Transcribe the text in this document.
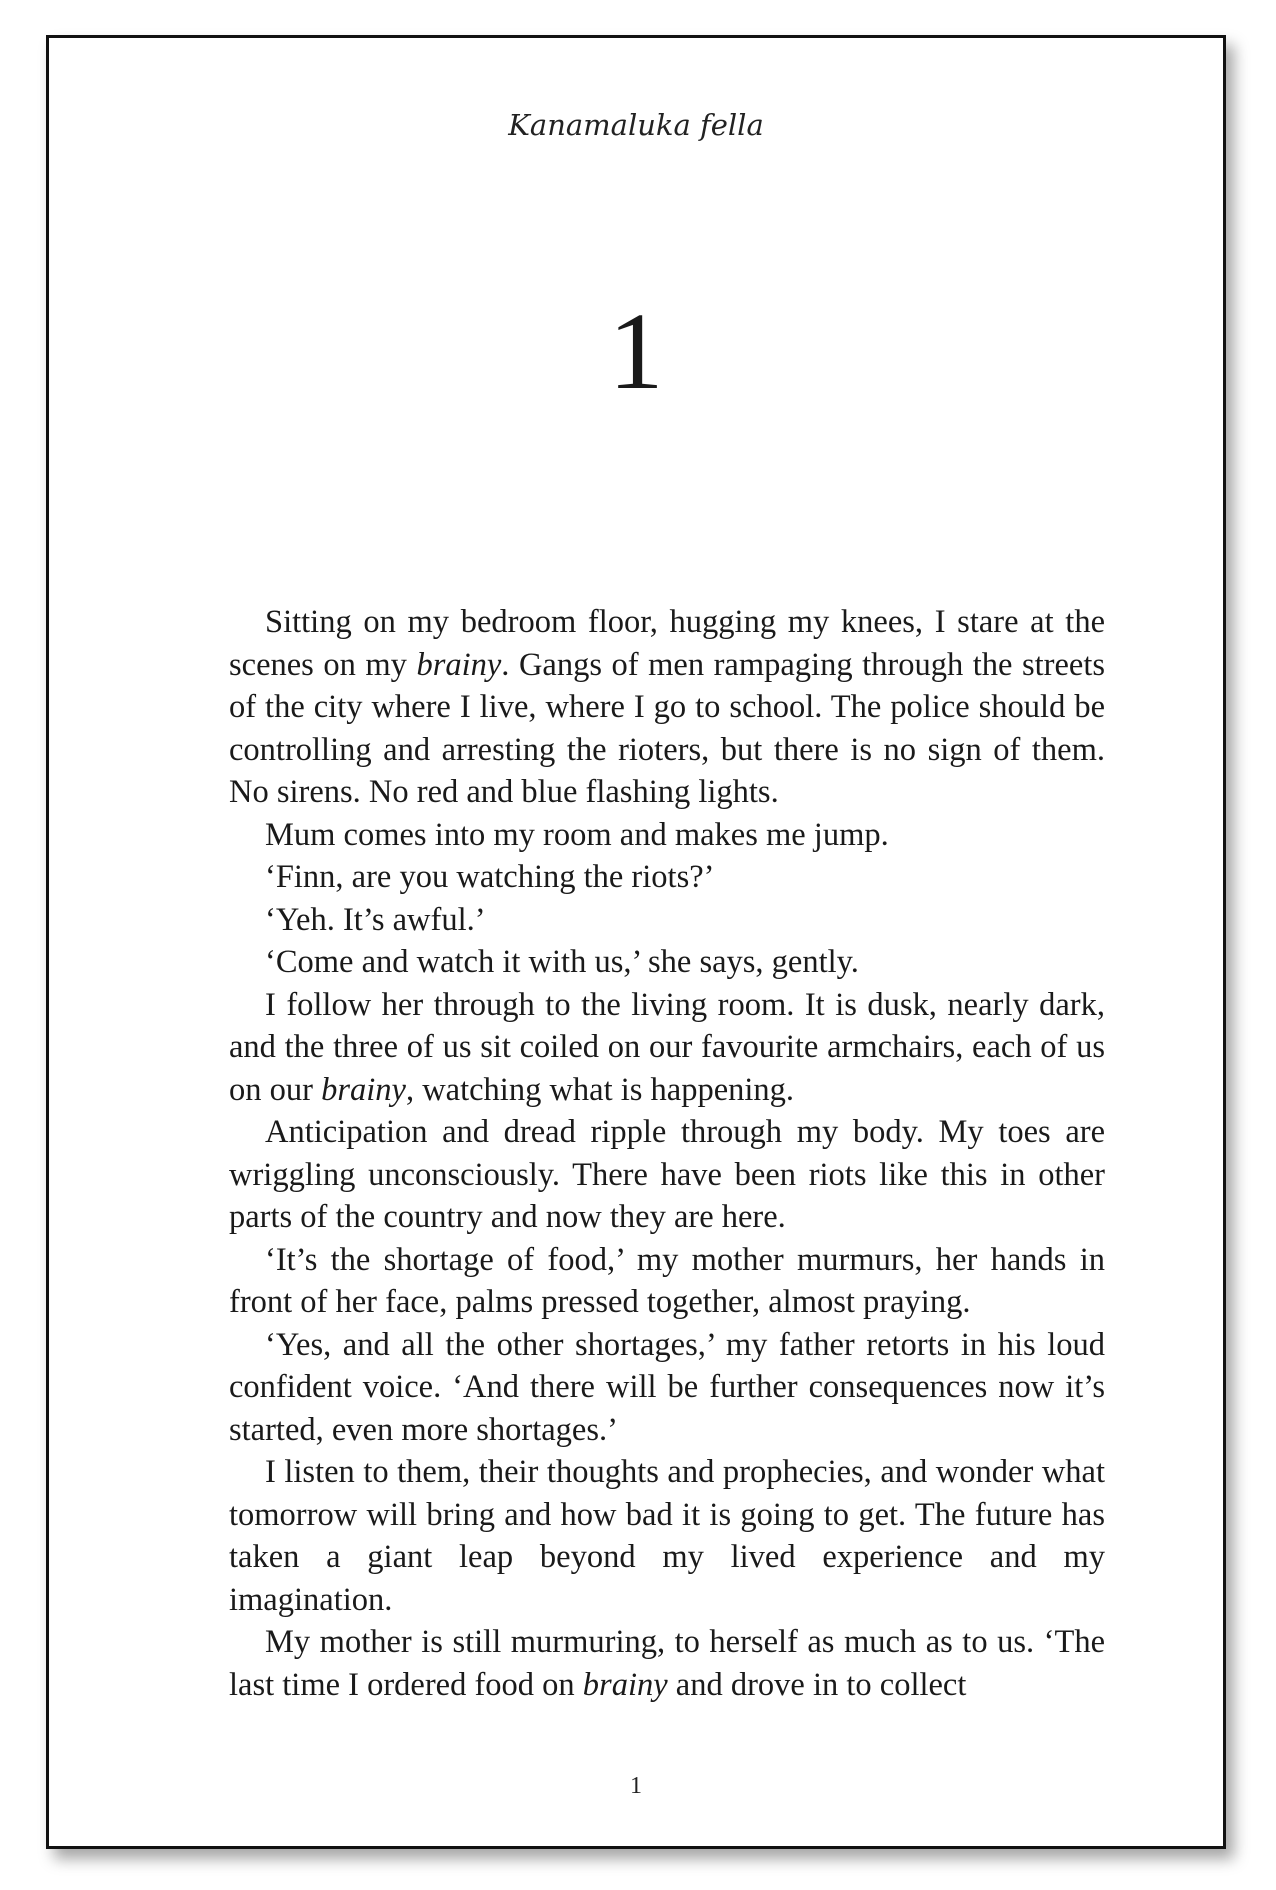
Kanamaluka fella

1

Sitting on my bedroom floor, hugging my knees, I stare at the scenes on my brainy. Gangs of men rampaging through the streets of the city where I live, where I go to school. The police should be controlling and arresting the rioters, but there is no sign of them. No sirens. No red and blue flashing lights.

Mum comes into my room and makes me jump.

‘Finn, are you watching the riots?’

‘Yeh. It’s awful.’

‘Come and watch it with us,’ she says, gently.

I follow her through to the living room. It is dusk, nearly dark, and the three of us sit coiled on our favourite armchairs, each of us on our brainy, watching what is happening.

Anticipation and dread ripple through my body. My toes are wriggling unconsciously. There have been riots like this in other parts of the country and now they are here.

‘It’s the shortage of food,’ my mother murmurs, her hands in front of her face, palms pressed together, almost praying.

‘Yes, and all the other shortages,’ my father retorts in his loud confident voice. ‘And there will be further consequences now it’s started, even more shortages.’

I listen to them, their thoughts and prophecies, and wonder what tomorrow will bring and how bad it is going to get. The future has taken a giant leap beyond my lived experience and my imagination.

My mother is still murmuring, to herself as much as to us. ‘The last time I ordered food on brainy and drove in to collect

1
